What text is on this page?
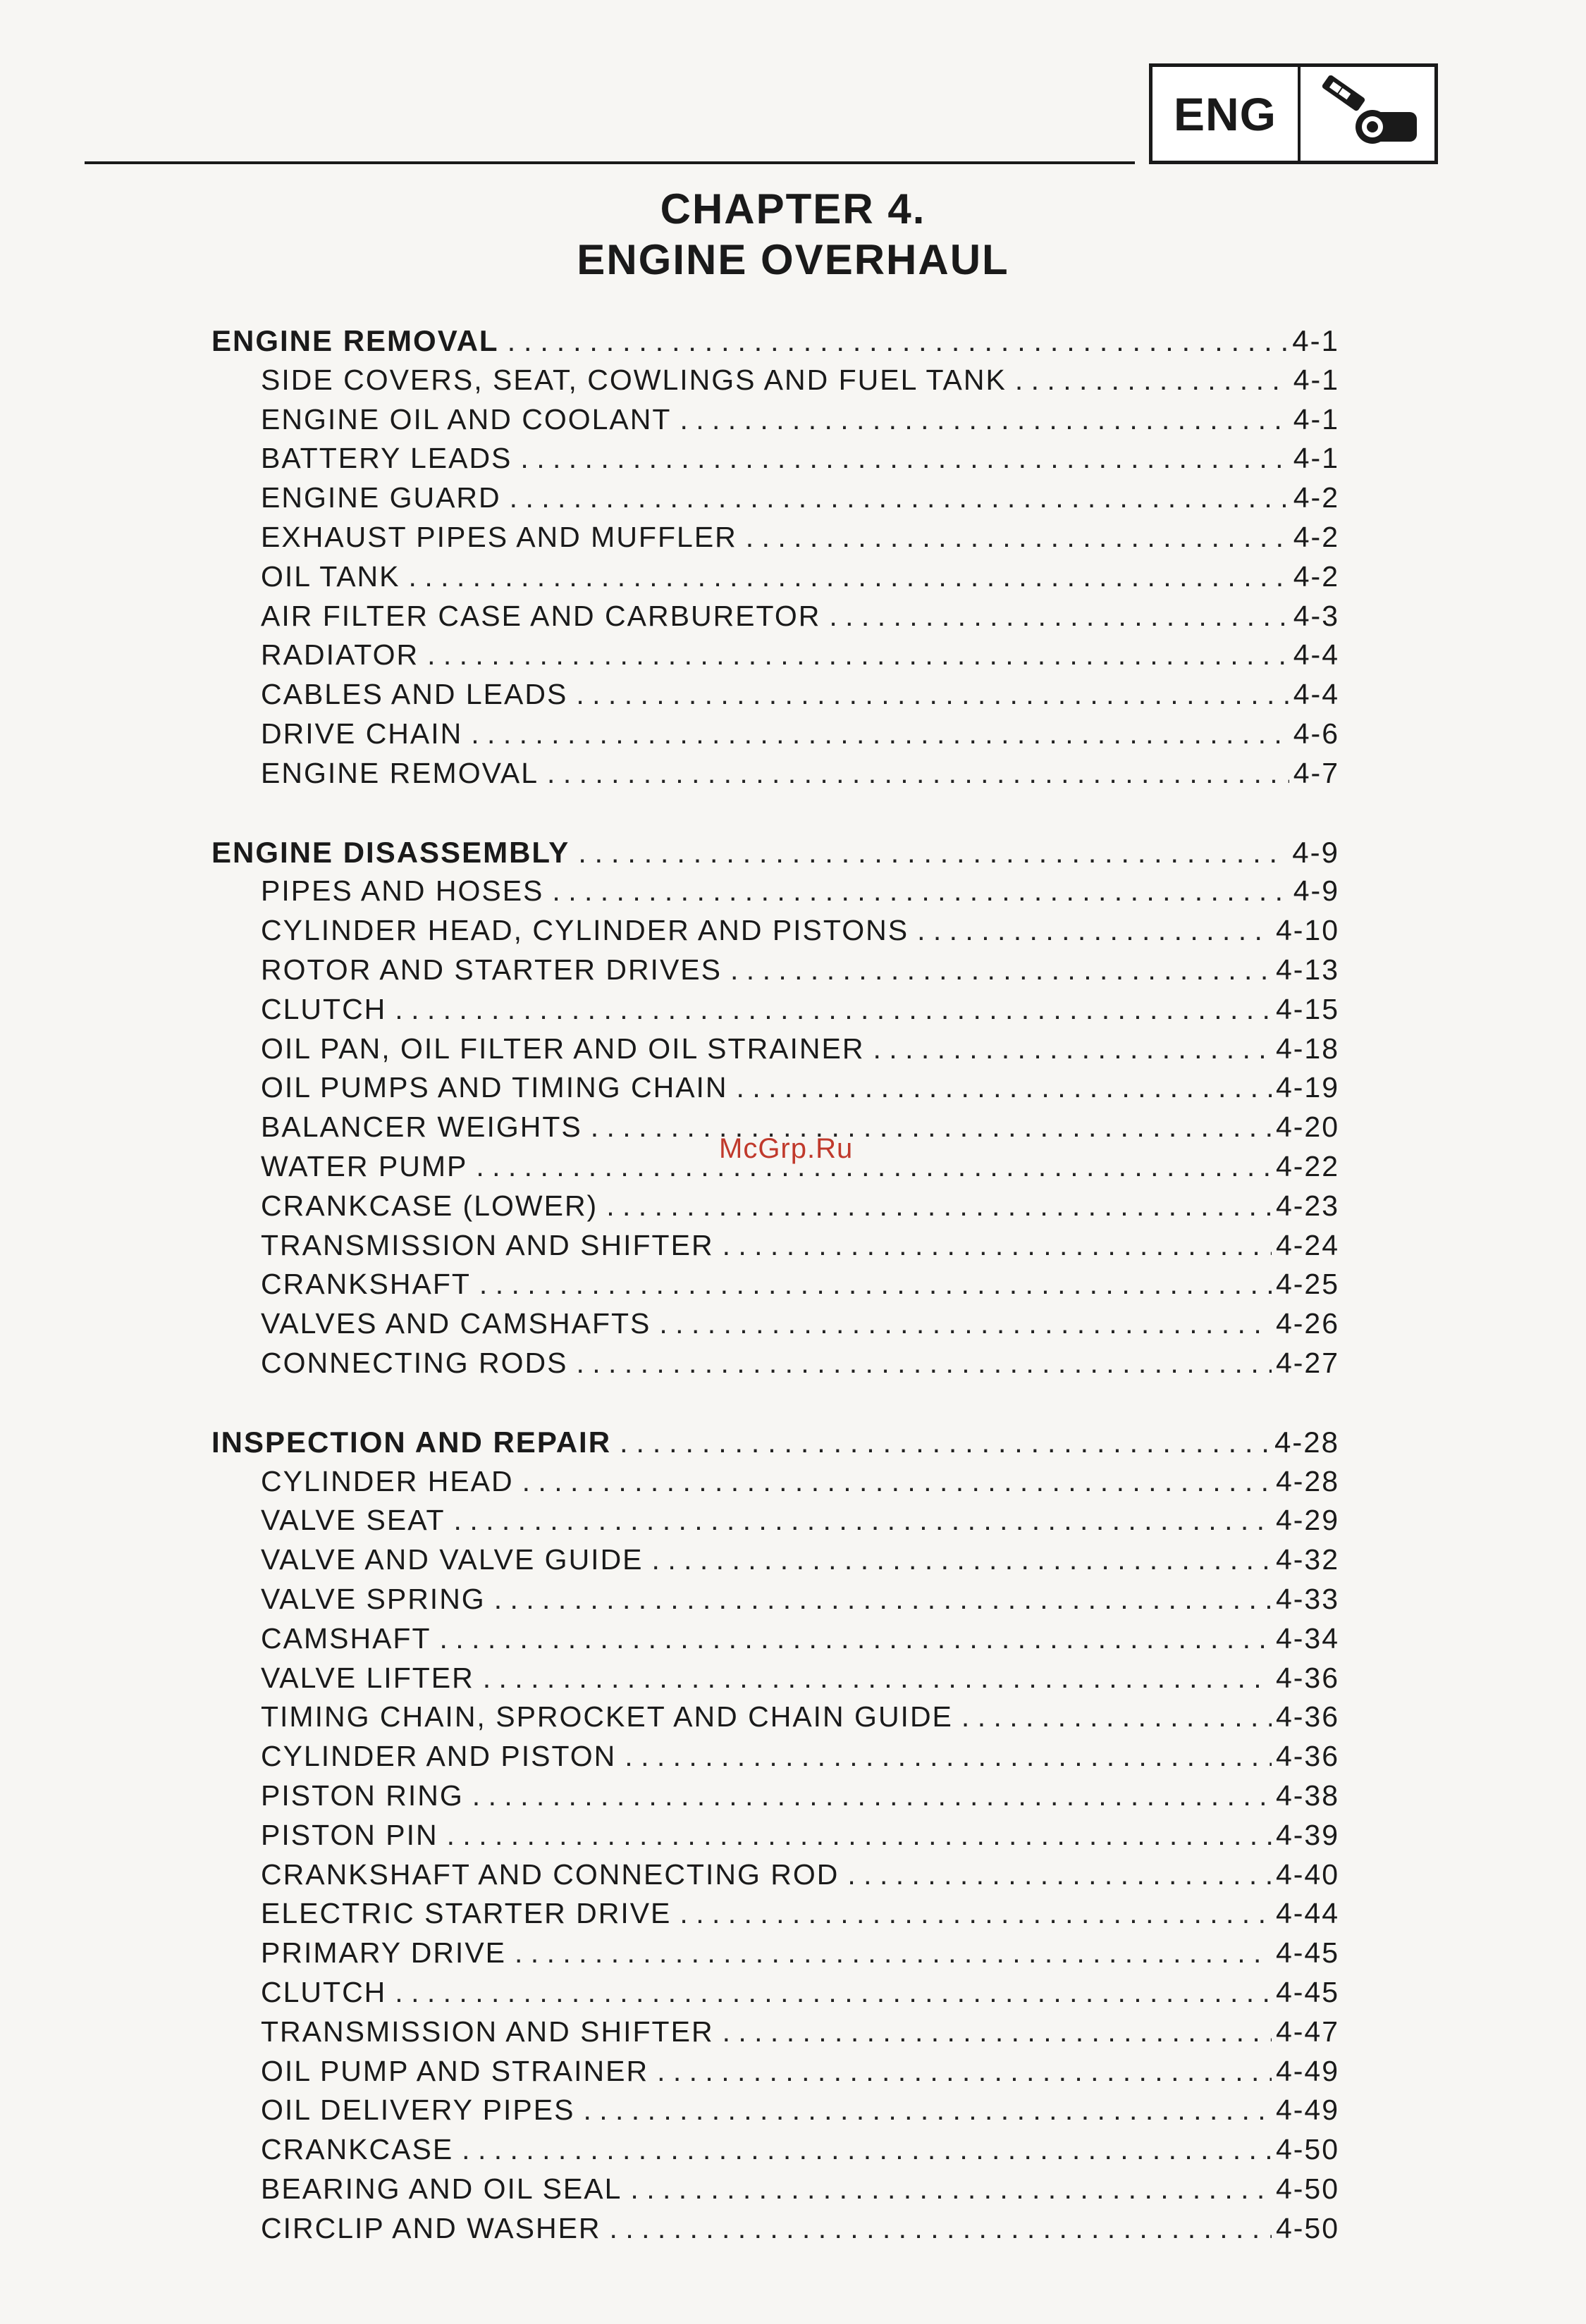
ENG
CHAPTER 4.
ENGINE OVERHAUL
ENGINE REMOVAL . . .	4-1
SIDE COVERS, SEAT, COWLINGS AND FUEL TANK . . .	4-1
ENGINE OIL AND COOLANT . . .	4-1
BATTERY LEADS . . .	4-1
ENGINE GUARD . . .	4-2
EXHAUST PIPES AND MUFFLER . . .	4-2
OIL TANK . . .	4-2
AIR FILTER CASE AND CARBURETOR . . .	4-3
RADIATOR . . .	4-4
CABLES AND LEADS . . .	4-4
DRIVE CHAIN . . .	4-6
ENGINE REMOVAL . . .	4-7
ENGINE DISASSEMBLY . . .	4-9
PIPES AND HOSES . . .	4-9
CYLINDER HEAD, CYLINDER AND PISTONS . . .	4-10
ROTOR AND STARTER DRIVES . . .	4-13
CLUTCH . . .	4-15
OIL PAN, OIL FILTER AND OIL STRAINER . . .	4-18
OIL PUMPS AND TIMING CHAIN . . .	4-19
BALANCER WEIGHTS . . .	4-20
WATER PUMP . . .	4-22
CRANKCASE (LOWER) . . .	4-23
TRANSMISSION AND SHIFTER . . .	4-24
CRANKSHAFT . . .	4-25
VALVES AND CAMSHAFTS . . .	4-26
CONNECTING RODS . . .	4-27
INSPECTION AND REPAIR . . .	4-28
CYLINDER HEAD . . .	4-28
VALVE SEAT . . .	4-29
VALVE AND VALVE GUIDE . . .	4-32
VALVE SPRING . . .	4-33
CAMSHAFT . . .	4-34
VALVE LIFTER . . .	4-36
TIMING CHAIN, SPROCKET AND CHAIN GUIDE . . .	4-36
CYLINDER AND PISTON . . .	4-36
PISTON RING . . .	4-38
PISTON PIN . . .	4-39
CRANKSHAFT AND CONNECTING ROD . . .	4-40
ELECTRIC STARTER DRIVE . . .	4-44
PRIMARY DRIVE . . .	4-45
CLUTCH . . .	4-45
TRANSMISSION AND SHIFTER . . .	4-47
OIL PUMP AND STRAINER . . .	4-49
OIL DELIVERY PIPES . . .	4-49
CRANKCASE . . .	4-50
BEARING AND OIL SEAL . . .	4-50
CIRCLIP AND WASHER . . .	4-50
McGrp.Ru
